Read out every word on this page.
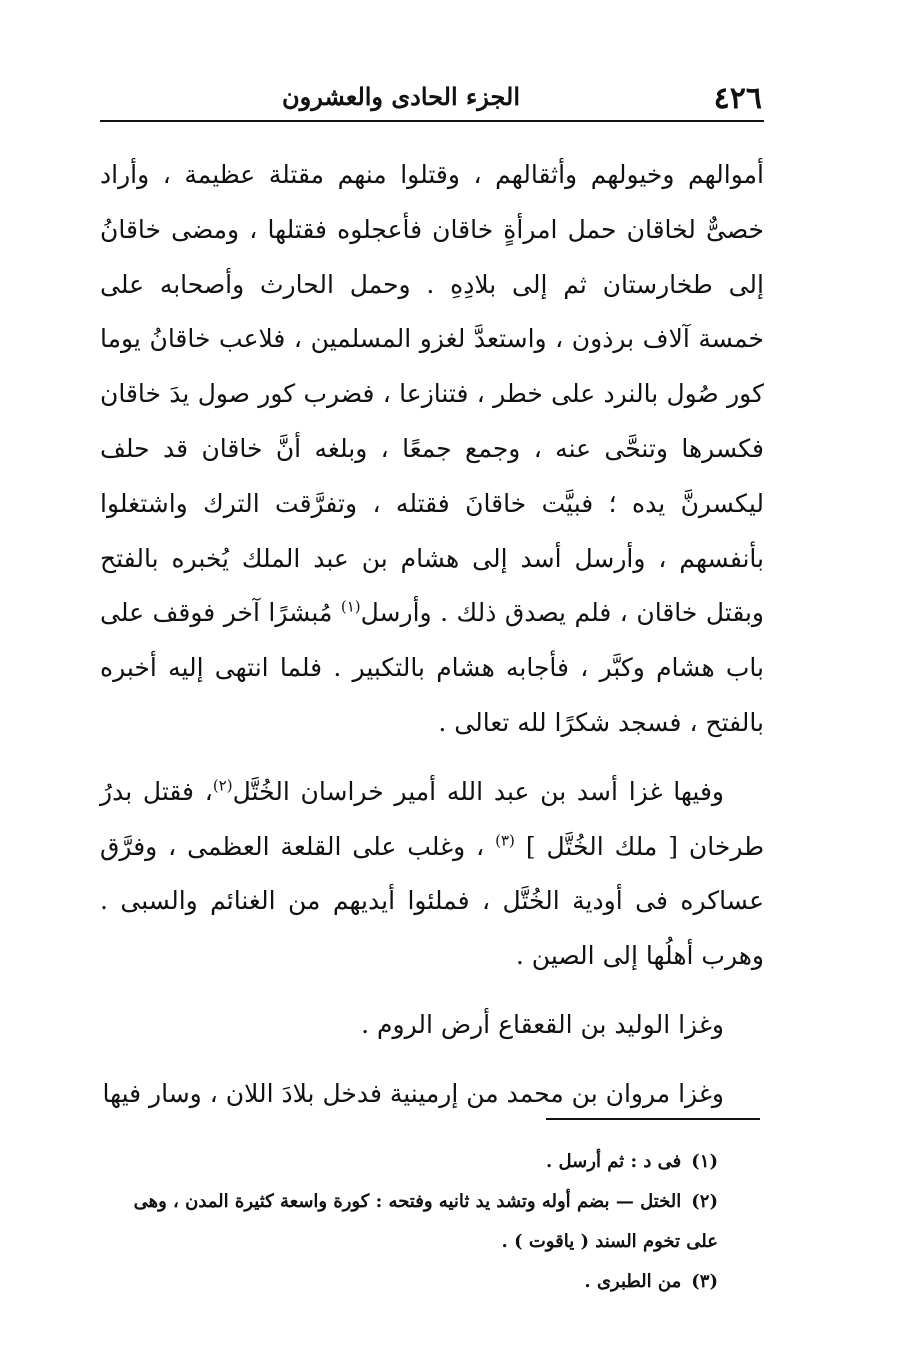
٤٢٦
الجزء الحادى والعشرون

أموالهم وخيولهم وأثقالهم ، وقتلوا منهم مقتلة عظيمة ، وأراد خصىٌّ لخاقان حمل امرأةٍ خاقان فأعجلوه فقتلها ، ومضى خاقانُ إلى طخارستان ثم إلى بلادِهِ . وحمل الحارث وأصحابه على خمسة آلاف برذون ، واستعدَّ لغزو المسلمين ، فلاعب خاقانُ يوما كور صُول بالنرد على خطر ، فتنازعا ، فضرب كور صول يدَ خاقان فكسرها وتنحَّى عنه ، وجمع جمعًا ، وبلغه أنَّ خاقان قد حلف ليكسرنَّ يده ؛ فبيَّت خاقانَ فقتله ، وتفرَّقت الترك واشتغلوا بأنفسهم ، وأرسل أسد إلى هشام بن عبد الملك يُخبره بالفتح وبقتل خاقان ، فلم يصدق ذلك . وأرسل$^{(١)}$ مُبشرًا آخر فوقف على باب هشام وكبَّر ، فأجابه هشام بالتكبير . فلما انتهى إليه أخبره بالفتح ، فسجد شكرًا لله تعالى .

وفيها غزا أسد بن عبد الله أمير خراسان الخُتَّل$^{(٢)}$، فقتل بدرُ طرخان [ ملك الخُتَّل ] $^{(٣)}$ ، وغلب على القلعة العظمى ، وفرَّق عساكره فى أودية الخُتَّل ، فملئوا أيديهم من الغنائم والسبى . وهرب أهلُها إلى الصين .

وغزا الوليد بن القعقاع أرض الروم .

وغزا مروان بن محمد من إرمينية فدخل بلادَ اللان ، وسار فيها

(١)فى د : ثم أرسل .

(٢)الختل — بضم أوله وتشد يد ثانيه وفتحه : كورة واسعة كثيرة المدن ، وهى على تخوم السند ( ياقوت ) .

(٣)من الطبرى .
